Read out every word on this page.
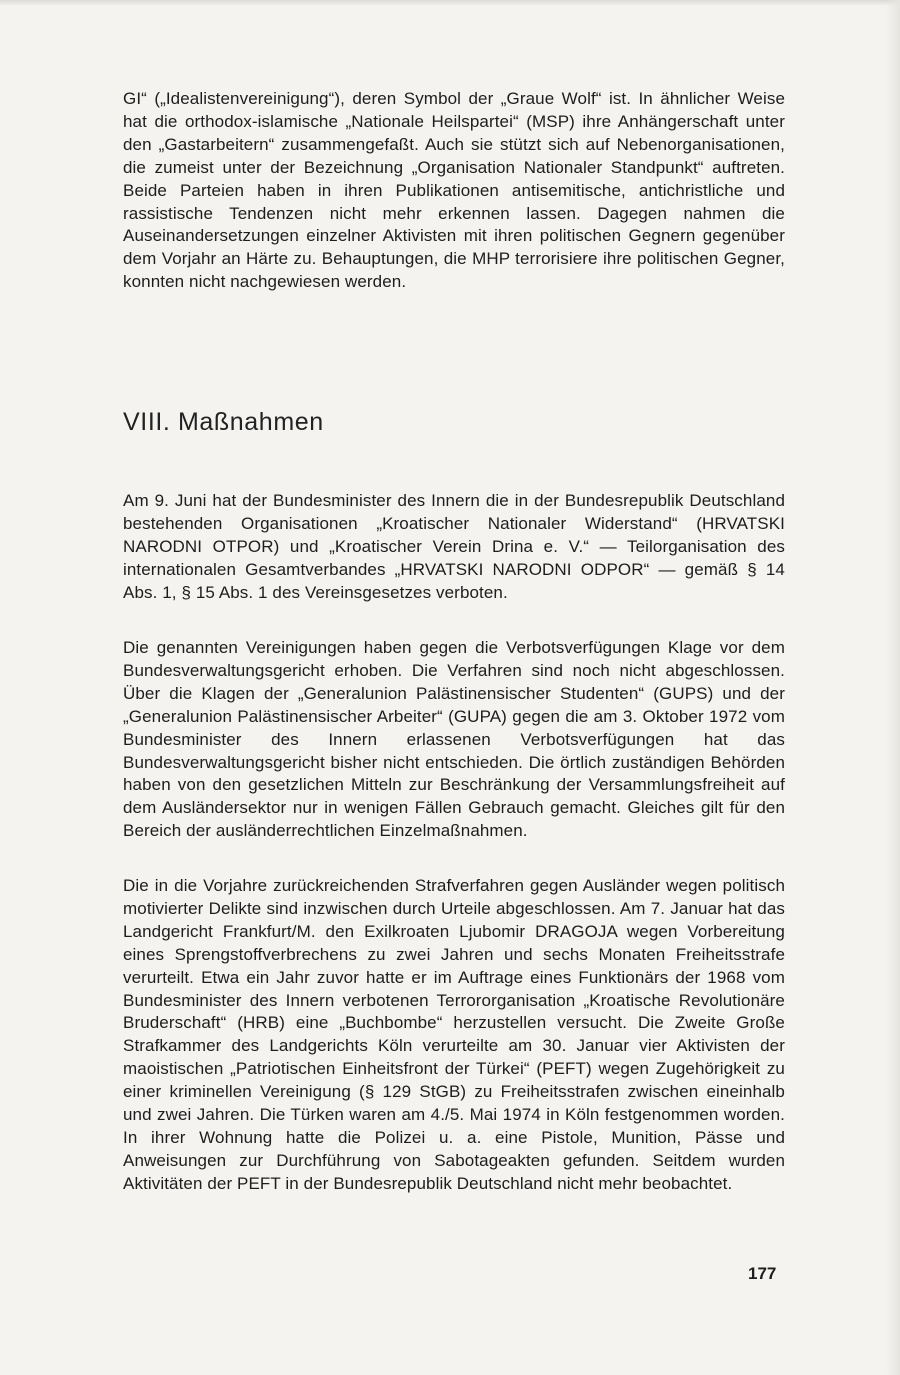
GI“ („Idealistenvereinigung“), deren Symbol der „Graue Wolf“ ist. In ähnlicher Weise hat die orthodox-islamische „Nationale Heilspartei“ (MSP) ihre Anhängerschaft unter den „Gastarbeitern“ zusammengefaßt. Auch sie stützt sich auf Nebenorganisationen, die zumeist unter der Bezeichnung „Organisation Nationaler Standpunkt“ auftreten. Beide Parteien haben in ihren Publikationen antisemitische, antichristliche und rassistische Tendenzen nicht mehr erkennen lassen. Dagegen nahmen die Auseinandersetzungen einzelner Aktivisten mit ihren politischen Gegnern gegenüber dem Vorjahr an Härte zu. Behauptungen, die MHP terrorisiere ihre politischen Gegner, konnten nicht nachgewiesen werden.

VIII. Maßnahmen

Am 9. Juni hat der Bundesminister des Innern die in der Bundesrepublik Deutschland bestehenden Organisationen „Kroatischer Nationaler Widerstand“ (HRVATSKI NARODNI OTPOR) und „Kroatischer Verein Drina e. V.“ — Teilorganisation des internationalen Gesamtverbandes „HRVATSKI NARODNI ODPOR“ — gemäß § 14 Abs. 1, § 15 Abs. 1 des Vereinsgesetzes verboten.

Die genannten Vereinigungen haben gegen die Verbotsverfügungen Klage vor dem Bundesverwaltungsgericht erhoben. Die Verfahren sind noch nicht abgeschlossen. Über die Klagen der „Generalunion Palästinensischer Studenten“ (GUPS) und der „Generalunion Palästinensischer Arbeiter“ (GUPA) gegen die am 3. Oktober 1972 vom Bundesminister des Innern erlassenen Verbotsverfügungen hat das Bundesverwaltungsgericht bisher nicht entschieden. Die örtlich zuständigen Behörden haben von den gesetzlichen Mitteln zur Beschränkung der Versammlungsfreiheit auf dem Ausländersektor nur in wenigen Fällen Gebrauch gemacht. Gleiches gilt für den Bereich der ausländerrechtlichen Einzelmaßnahmen.

Die in die Vorjahre zurückreichenden Strafverfahren gegen Ausländer wegen politisch motivierter Delikte sind inzwischen durch Urteile abgeschlossen. Am 7. Januar hat das Landgericht Frankfurt/M. den Exilkroaten Ljubomir DRAGOJA wegen Vorbereitung eines Sprengstoffverbrechens zu zwei Jahren und sechs Monaten Freiheitsstrafe verurteilt. Etwa ein Jahr zuvor hatte er im Auftrage eines Funktionärs der 1968 vom Bundesminister des Innern verbotenen Terrororganisation „Kroatische Revolutionäre Bruderschaft“ (HRB) eine „Buchbombe“ herzustellen versucht. Die Zweite Große Strafkammer des Landgerichts Köln verurteilte am 30. Januar vier Aktivisten der maoistischen „Patriotischen Einheitsfront der Türkei“ (PEFT) wegen Zugehörigkeit zu einer kriminellen Vereinigung (§ 129 StGB) zu Freiheitsstrafen zwischen eineinhalb und zwei Jahren. Die Türken waren am 4./5. Mai 1974 in Köln festgenommen worden. In ihrer Wohnung hatte die Polizei u. a. eine Pistole, Munition, Pässe und Anweisungen zur Durchführung von Sabotageakten gefunden. Seitdem wurden Aktivitäten der PEFT in der Bundesrepublik Deutschland nicht mehr beobachtet.

177
